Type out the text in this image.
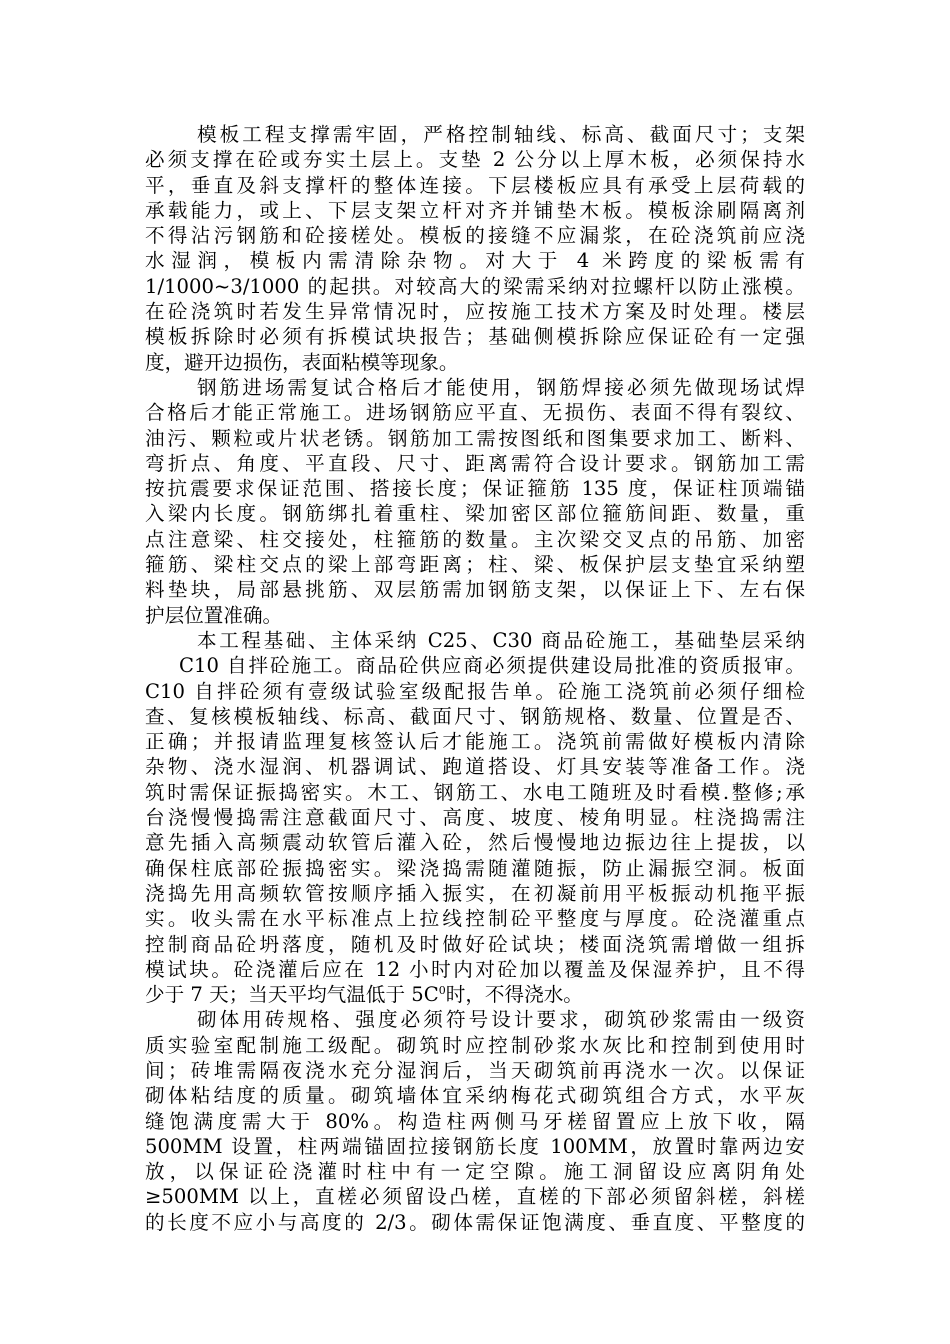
模板工程支撑需牢固，严格控制轴线、标高、截面尺寸；支架
必须支撑在砼或夯实土层上。支垫 2 公分以上厚木板，必须保持水
平，垂直及斜支撑杆的整体连接。下层楼板应具有承受上层荷载的
承载能力，或上、下层支架立杆对齐并铺垫木板。模板涂刷隔离剂
不得沾污钢筋和砼接槎处。模板的接缝不应漏浆，在砼浇筑前应浇
水湿润，模板内需清除杂物。对大于 4 米跨度的梁板需有
1/1000~3/1000 的起拱。对较高大的梁需采纳对拉螺杆以防止涨模。
在砼浇筑时若发生异常情况时，应按施工技术方案及时处理。楼层
模板拆除时必须有拆模试块报告；基础侧模拆除应保证砼有一定强
度，避开边损伤，表面粘模等现象。
钢筋进场需复试合格后才能使用，钢筋焊接必须先做现场试焊
合格后才能正常施工。进场钢筋应平直、无损伤、表面不得有裂纹、
油污、颗粒或片状老锈。钢筋加工需按图纸和图集要求加工、断料、
弯折点、角度、平直段、尺寸、距离需符合设计要求。钢筋加工需
按抗震要求保证范围、搭接长度；保证箍筋 135 度，保证柱顶端锚
入梁内长度。钢筋绑扎着重柱、梁加密区部位箍筋间距、数量，重
点注意梁、柱交接处，柱箍筋的数量。主次梁交叉点的吊筋、加密
箍筋、梁柱交点的梁上部弯距离；柱、梁、板保护层支垫宜采纳塑
料垫块，局部悬挑筋、双层筋需加钢筋支架，以保证上下、左右保
护层位置准确。
本工程基础、主体采纳 C25、C30 商品砼施工，基础垫层采纳
C10 自拌砼施工。商品砼供应商必须提供建设局批准的资质报审。
C10 自拌砼须有壹级试验室级配报告单。砼施工浇筑前必须仔细检
查、复核模板轴线、标高、截面尺寸、钢筋规格、数量、位置是否、
正确；并报请监理复核签认后才能施工。浇筑前需做好模板内清除
杂物、浇水湿润、机器调试、跑道搭设、灯具安装等准备工作。浇
筑时需保证振捣密实。木工、钢筋工、水电工随班及时看模.整修;承
台浇慢慢捣需注意截面尺寸、高度、坡度、棱角明显。柱浇捣需注
意先插入高频震动软管后灌入砼，然后慢慢地边振边往上提拔，以
确保柱底部砼振捣密实。梁浇捣需随灌随振，防止漏振空洞。板面
浇捣先用高频软管按顺序插入振实，在初凝前用平板振动机拖平振
实。收头需在水平标准点上拉线控制砼平整度与厚度。砼浇灌重点
控制商品砼坍落度，随机及时做好砼试块；楼面浇筑需增做一组拆
模试块。砼浇灌后应在 12 小时内对砼加以覆盖及保湿养护，且不得
少于 7 天；当天平均气温低于 $5C^0$时，不得浇水。
砌体用砖规格、强度必须符号设计要求，砌筑砂浆需由一级资
质实验室配制施工级配。砌筑时应控制砂浆水灰比和控制到使用时
间；砖堆需隔夜浇水充分湿润后，当天砌筑前再浇水一次。以保证
砌体粘结度的质量。砌筑墙体宜采纳梅花式砌筑组合方式，水平灰
缝饱满度需大于 80%。构造柱两侧马牙槎留置应上放下收，隔
500MM 设置，柱两端锚固拉接钢筋长度 100MM，放置时靠两边安
放，以保证砼浇灌时柱中有一定空隙。施工洞留设应离阴角处
≥500MM 以上，直槎必须留设凸槎，直槎的下部必须留斜槎，斜槎
的长度不应小与高度的 2/3。砌体需保证饱满度、垂直度、平整度的
